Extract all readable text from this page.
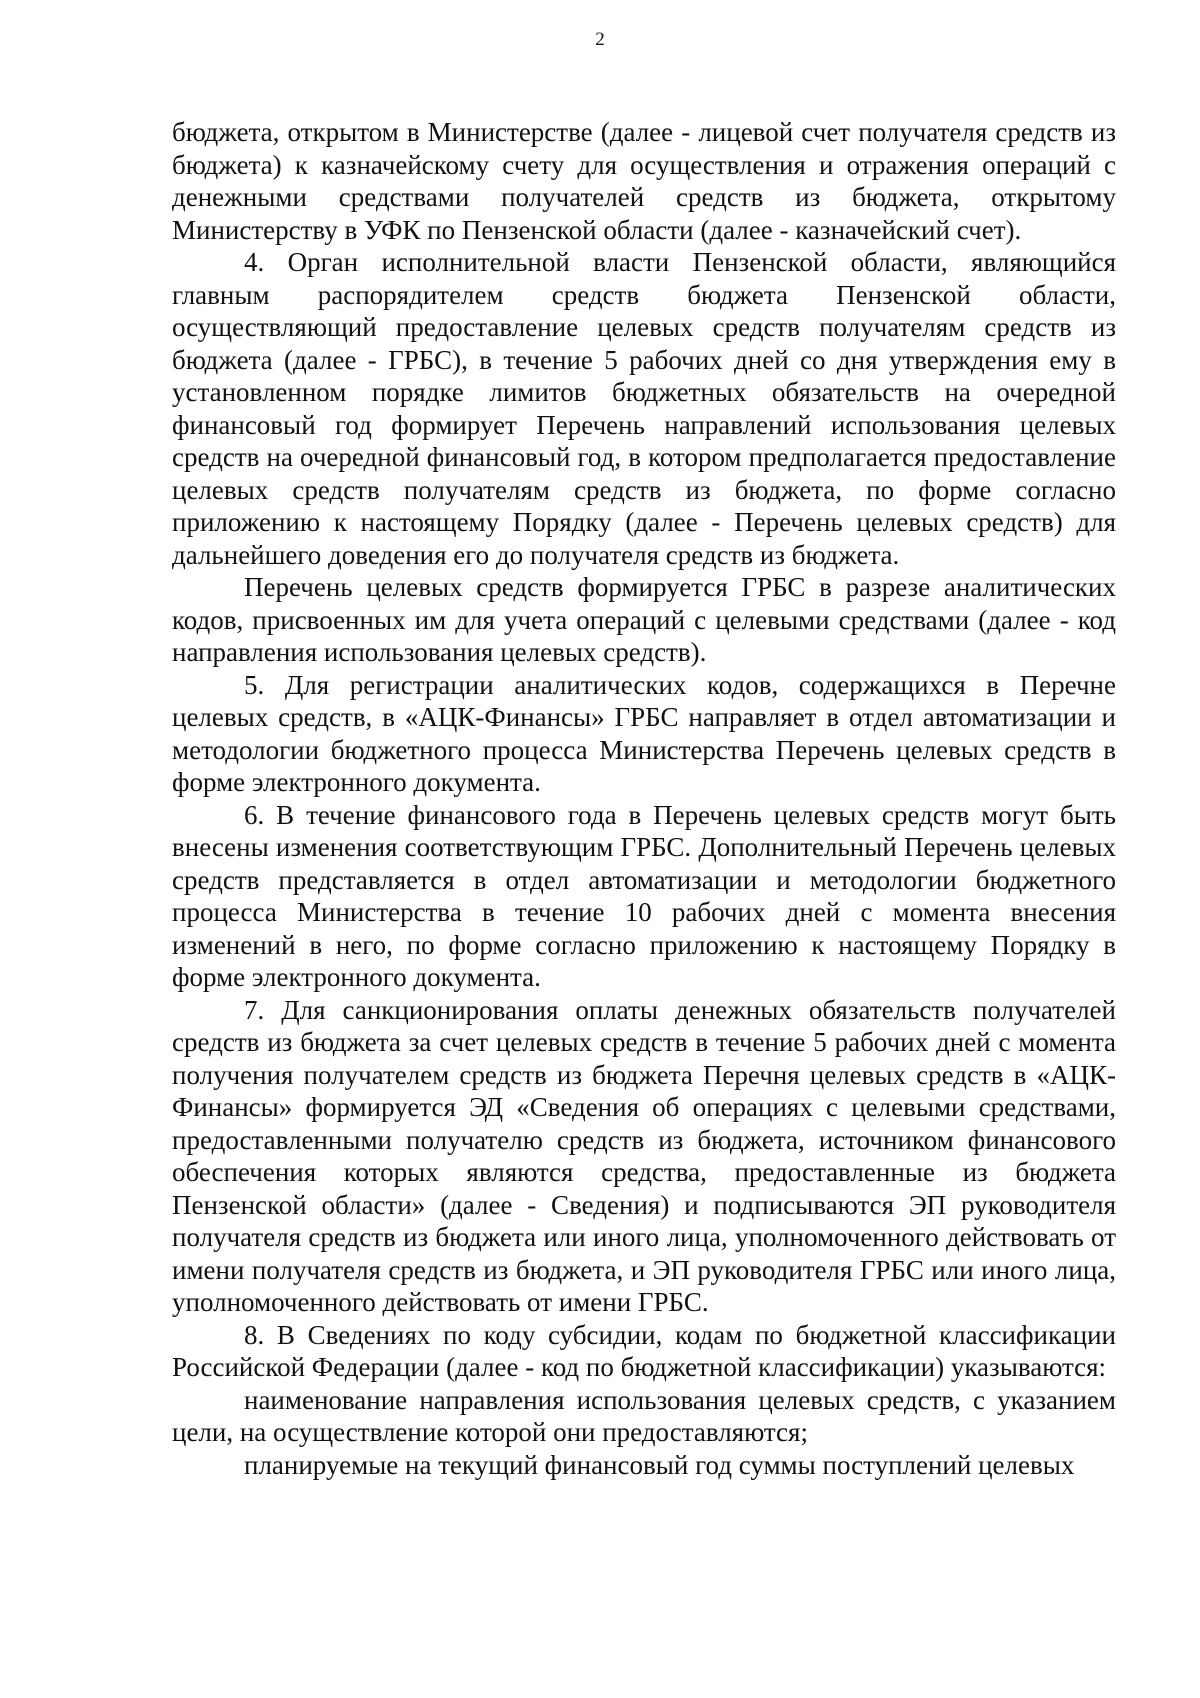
2

бюджета, открытом в Министерстве (далее - лицевой счет получателя средств из бюджета) к казначейскому счету для осуществления и отражения операций с денежными средствами получателей средств из бюджета, открытому Министерству в УФК по Пензенской области (далее - казначейский счет).

4. Орган исполнительной власти Пензенской области, являющийся главным распорядителем средств бюджета Пензенской области, осуществляющий предоставление целевых средств получателям средств из бюджета (далее - ГРБС), в течение 5 рабочих дней со дня утверждения ему в установленном порядке лимитов бюджетных обязательств на очередной финансовый год формирует Перечень направлений использования целевых средств на очередной финансовый год, в котором предполагается предоставление целевых средств получателям средств из бюджета, по форме согласно приложению к настоящему Порядку (далее - Перечень целевых средств) для дальнейшего доведения его до получателя средств из бюджета.

Перечень целевых средств формируется ГРБС в разрезе аналитических кодов, присвоенных им для учета операций с целевыми средствами (далее - код направления использования целевых средств).

5. Для регистрации аналитических кодов, содержащихся в Перечне целевых средств, в «АЦК-Финансы» ГРБС направляет в отдел автоматизации и методологии бюджетного процесса Министерства Перечень целевых средств в форме электронного документа.

6. В течение финансового года в Перечень целевых средств могут быть внесены изменения соответствующим ГРБС. Дополнительный Перечень целевых средств представляется в отдел автоматизации и методологии бюджетного процесса Министерства в течение 10 рабочих дней с момента внесения изменений в него, по форме согласно приложению к настоящему Порядку в форме электронного документа.

7. Для санкционирования оплаты денежных обязательств получателей средств из бюджета за счет целевых средств в течение 5 рабочих дней с момента получения получателем средств из бюджета Перечня целевых средств в «АЦК-Финансы» формируется ЭД «Сведения об операциях с целевыми средствами, предоставленными получателю средств из бюджета, источником финансового обеспечения которых являются средства, предоставленные из бюджета Пензенской области» (далее - Сведения) и подписываются ЭП руководителя получателя средств из бюджета или иного лица, уполномоченного действовать от имени получателя средств из бюджета, и ЭП руководителя ГРБС или иного лица, уполномоченного действовать от имени ГРБС.

8. В Сведениях по коду субсидии, кодам по бюджетной классификации Российской Федерации (далее - код по бюджетной классификации) указываются:

наименование направления использования целевых средств, с указанием цели, на осуществление которой они предоставляются;

планируемые на текущий финансовый год суммы поступлений целевых
